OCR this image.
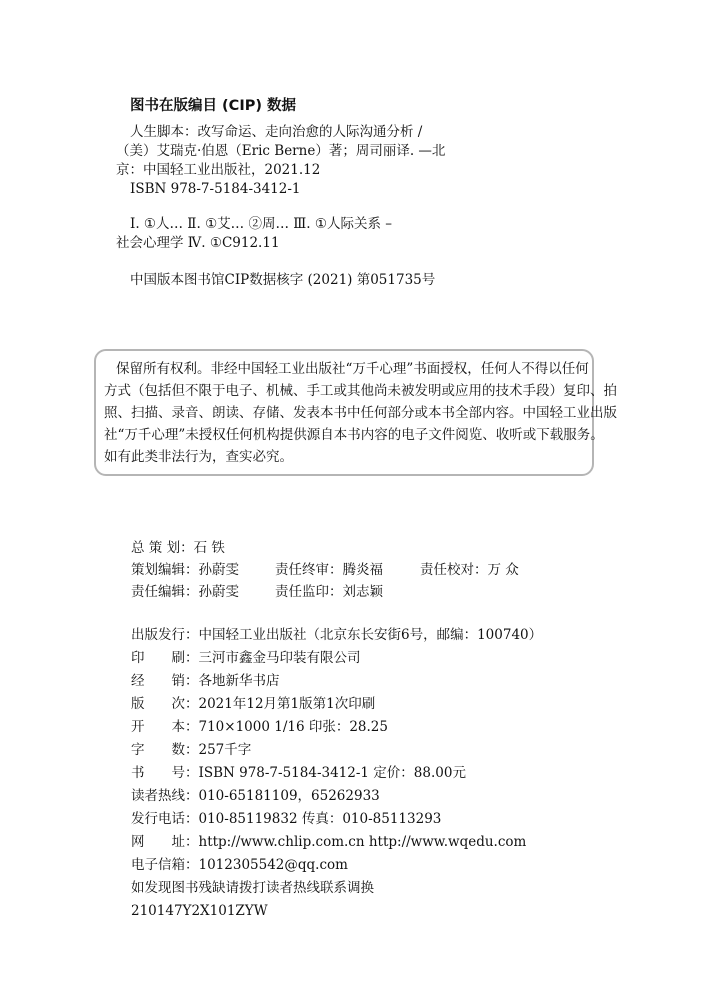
图书在版编目 (CIP) 数据
人生脚本：改写命运、走向治愈的人际沟通分析 /
（美）艾瑞克·伯恩（Eric Berne）著；周司丽译. —北
京：中国轻工业出版社，2021.12
ISBN 978-7-5184-3412-1
Ⅰ. ①人… Ⅱ. ①艾… ②周… Ⅲ. ①人际关系 –
社会心理学 Ⅳ. ①C912.11
中国版本图书馆CIP数据核字 (2021) 第051735号

保留所有权利。非经中国轻工业出版社“万千心理”书面授权，任何人不得以任何

方式（包括但不限于电子、机械、手工或其他尚未被发明或应用的技术手段）复印、拍

照、扫描、录音、朗读、存储、发表本书中任何部分或本书全部内容。中国轻工业出版

社“万千心理”未授权任何机构提供源自本书内容的电子文件阅览、收听或下载服务。

如有此类非法行为，查实必究。

总 策 划：石 铁
策划编辑：孙蔚雯	责任终审：腾炎福	责任校对：万 众
责任编辑：孙蔚雯	责任监印：刘志颖
出版发行：中国轻工业出版社（北京东长安街6号，邮编：100740）
印　　刷：三河市鑫金马印装有限公司
经　　销：各地新华书店
版　　次：2021年12月第1版第1次印刷
开　　本：710×1000 1/16 印张：28.25
字　　数：257千字
书　　号：ISBN 978-7-5184-3412-1 定价：88.00元
读者热线：010-65181109，65262933
发行电话：010-85119832 传真：010-85113293
网　　址：http://www.chlip.com.cn http://www.wqedu.com
电子信箱：1012305542@qq.com
如发现图书残缺请拨打读者热线联系调换
210147Y2X101ZYW
